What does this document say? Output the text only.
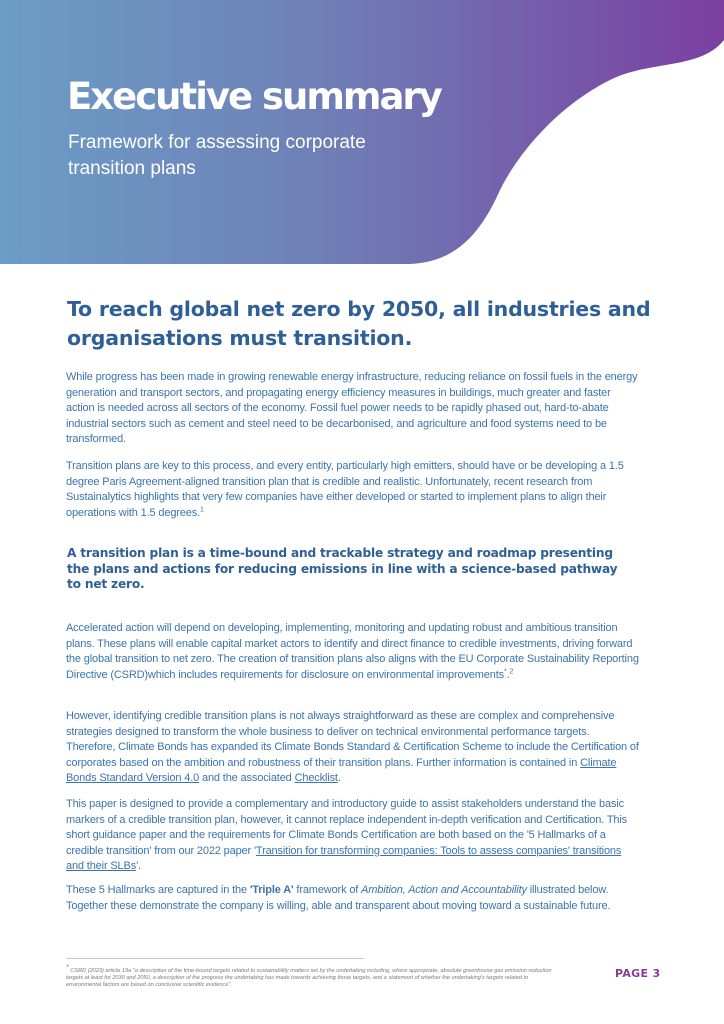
Executive summary
Framework for assessing corporate transition plans
To reach global net zero by 2050, all industries and organisations must transition.

While progress has been made in growing renewable energy infrastructure, reducing reliance on fossil fuels in the energy generation and transport sectors, and propagating energy efficiency measures in buildings, much greater and faster action is needed across all sectors of the economy. Fossil fuel power needs to be rapidly phased out, hard-to-abate industrial sectors such as cement and steel need to be decarbonised, and agriculture and food systems need to be transformed.

Transition plans are key to this process, and every entity, particularly high emitters, should have or be developing a 1.5 degree Paris Agreement-aligned transition plan that is credible and realistic. Unfortunately, recent research from Sustainalytics highlights that very few companies have either developed or started to implement plans to align their operations with 1.5 degrees.$^1$

A transition plan is a time-bound and trackable strategy and roadmap presenting the plans and actions for reducing emissions in line with a science-based pathway to net zero.

Accelerated action will depend on developing, implementing, monitoring and updating robust and ambitious transition plans. These plans will enable capital market actors to identify and direct finance to credible investments, driving forward the global transition to net zero. The creation of transition plans also aligns with the EU Corporate Sustainability Reporting Directive (CSRD)which includes requirements for disclosure on environmental improvements*.$^2$

However, identifying credible transition plans is not always straightforward as these are complex and comprehensive strategies designed to transform the whole business to deliver on technical environmental performance targets. Therefore, Climate Bonds has expanded its Climate Bonds Standard & Certification Scheme to include the Certification of corporates based on the ambition and robustness of their transition plans. Further information is contained in Climate Bonds Standard Version 4.0 and the associated Checklist.

This paper is designed to provide a complementary and introductory guide to assist stakeholders understand the basic markers of a credible transition plan, however, it cannot replace independent in-depth verification and Certification. This short guidance paper and the requirements for Climate Bonds Certification are both based on the '5 Hallmarks of a credible transition' from our 2022 paper 'Transition for transforming companies: Tools to assess companies' transitions and their SLBs'.

These 5 Hallmarks are captured in the 'Triple A' framework of Ambition, Action and Accountability illustrated below. Together these demonstrate the company is willing, able and transparent about moving toward a sustainable future.

* CSRD (2023) article 19a "a description of the time-bound targets related to sustainability matters set by the undertaking including, where appropriate, absolute greenhouse gas emission reduction targets at least for 2030 and 2050, a description of the progress the undertaking has made towards achieving those targets, and a statement of whether the undertaking's targets related to environmental factors are based on conclusive scientific evidence".

PAGE 3
